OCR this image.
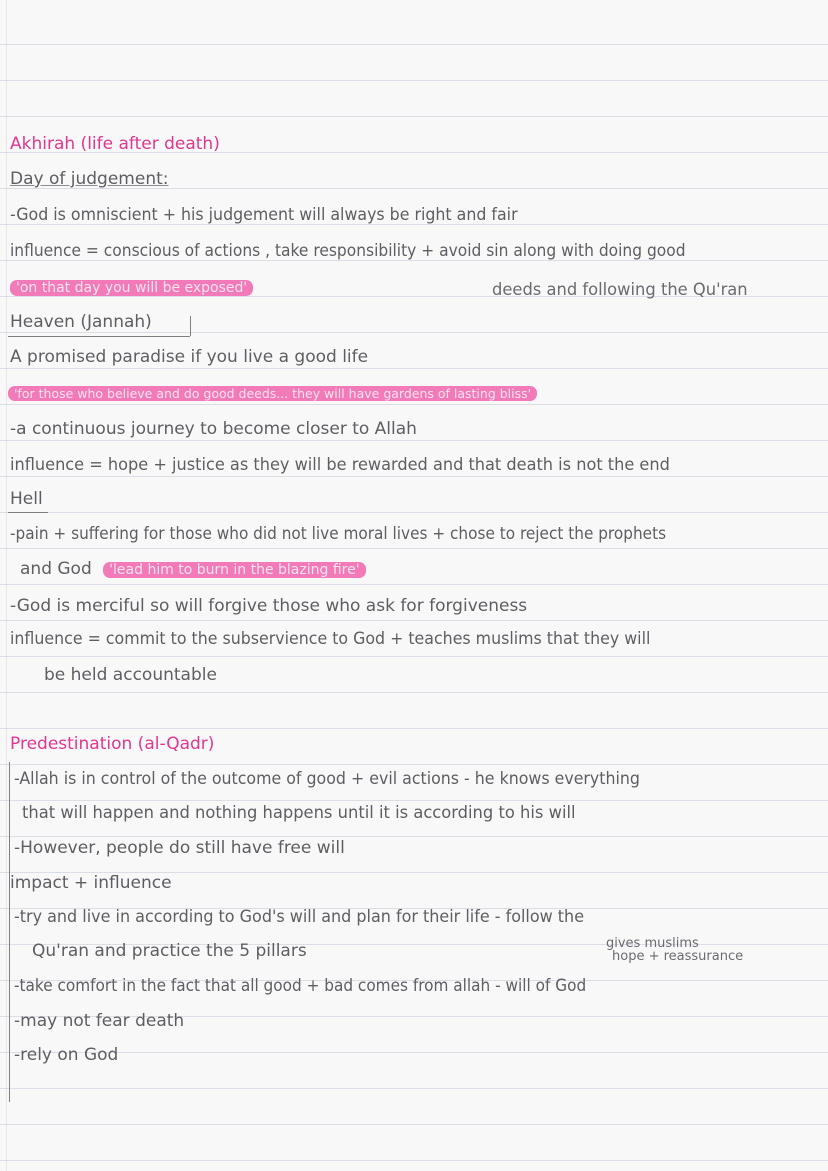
Akhirah (life after death)
Day of judgement:
-God is omniscient + his judgement will always be right and fair
influence = conscious of actions , take responsibility + avoid sin along with doing good
'on that day you will be exposed'	deeds and following the Qu'ran
Heaven (Jannah)
A promised paradise if you live a good life
'for those who believe and do good deeds... they will have gardens of lasting bliss'
-a continuous journey to become closer to Allah
influence = hope + justice as they will be rewarded and that death is not the end
Hell
-pain + suffering for those who did not live moral lives + chose to reject the prophets
and God 'lead him to burn in the blazing fire'
-God is merciful so will forgive those who ask for forgiveness
influence = commit to the subservience to God + teaches muslims that they will
be held accountable
Predestination (al-Qadr)
-Allah is in control of the outcome of good + evil actions - he knows everything
that will happen and nothing happens until it is according to his will
-However, people do still have free will
impact + influence
-try and live in according to God's will and plan for their life - follow the
Qu'ran and practice the 5 pillars	gives muslims
hope + reassurance
-take comfort in the fact that all good + bad comes from allah - will of God
-may not fear death
-rely on God
